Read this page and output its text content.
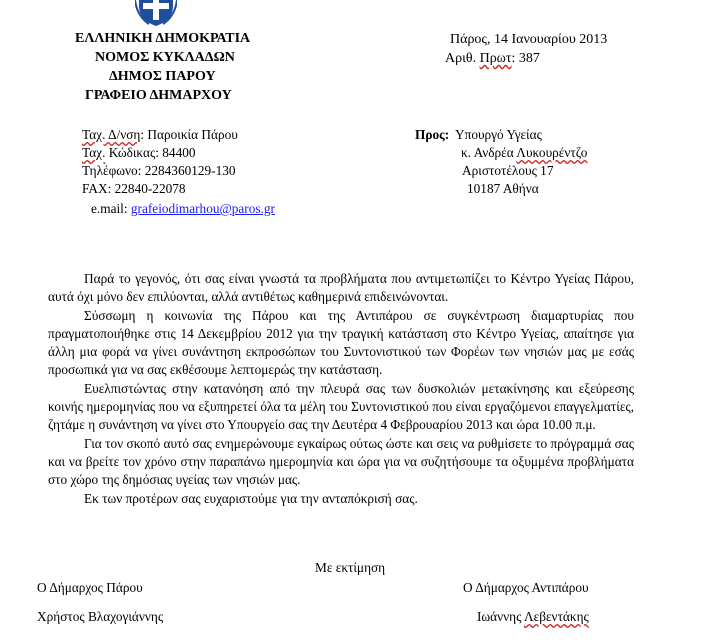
ΕΛΛΗΝΙΚΗ ΔΗΜΟΚΡΑΤΙΑ
ΝΟΜΟΣ ΚΥΚΛΑΔΩΝ
ΔΗΜΟΣ ΠΑΡΟΥ
ΓΡΑΦΕΙΟ ΔΗΜΑΡΧΟΥ
Πάρος, 14 Ιανουαρίου 2013
Αριθ. Πρωτ: 387
Ταχ. Δ/νση: Παροικία Πάρου
Ταχ. Κώδικας: 84400
Τηλέφωνο: 2284360129-130
FAX: 22840-22078
e.mail: grafeiodimarhou@paros.gr
Προς: Υπουργό Υγείας
κ. Ανδρέα Λυκουρέντζο
Αριστοτέλους 17
10187 Αθήνα

Παρά το γεγονός, ότι σας είναι γνωστά τα προβλήματα που αντιμετωπίζει το Κέντρο Υγείας Πάρου, αυτά όχι μόνο δεν επιλύονται, αλλά αντιθέτως καθημερινά επιδεινώνονται.

Σύσσωμη η κοινωνία της Πάρου και της Αντιπάρου σε συγκέντρωση διαμαρτυρίας που πραγματοποιήθηκε στις 14 Δεκεμβρίου 2012 για την τραγική κατάσταση στο Κέντρο Υγείας, απαίτησε για άλλη μια φορά να γίνει συνάντηση εκπροσώπων του Συντονιστικού των Φορέων των νησιών μας με εσάς προσωπικά για να σας εκθέσουμε λεπτομερώς την κατάσταση.

Ευελπιστώντας στην κατανόηση από την πλευρά σας των δυσκολιών μετακίνησης και εξεύρεσης κοινής ημερομηνίας που να εξυπηρετεί όλα τα μέλη του Συντονιστικού που είναι εργαζόμενοι επαγγελματίες, ζητάμε η συνάντηση να γίνει στο Υπουργείο σας την Δευτέρα 4 Φεβρουαρίου 2013 και ώρα 10.00 π.μ.

Για τον σκοπό αυτό σας ενημερώνουμε εγκαίρως ούτως ώστε και σεις να ρυθμίσετε το πρόγραμμά σας και να βρείτε τον χρόνο στην παραπάνω ημερομηνία και ώρα για να συζητήσουμε τα οξυμμένα προβλήματα στο χώρο της δημόσιας υγείας των νησιών μας.

Εκ των προτέρων σας ευχαριστούμε για την ανταπόκρισή σας.

Με εκτίμηση
Ο Δήμαρχος Πάρου	Ο Δήμαρχος Αντιπάρου
Χρήστος Βλαχογιάννης	Ιωάννης Λεβεντάκης
